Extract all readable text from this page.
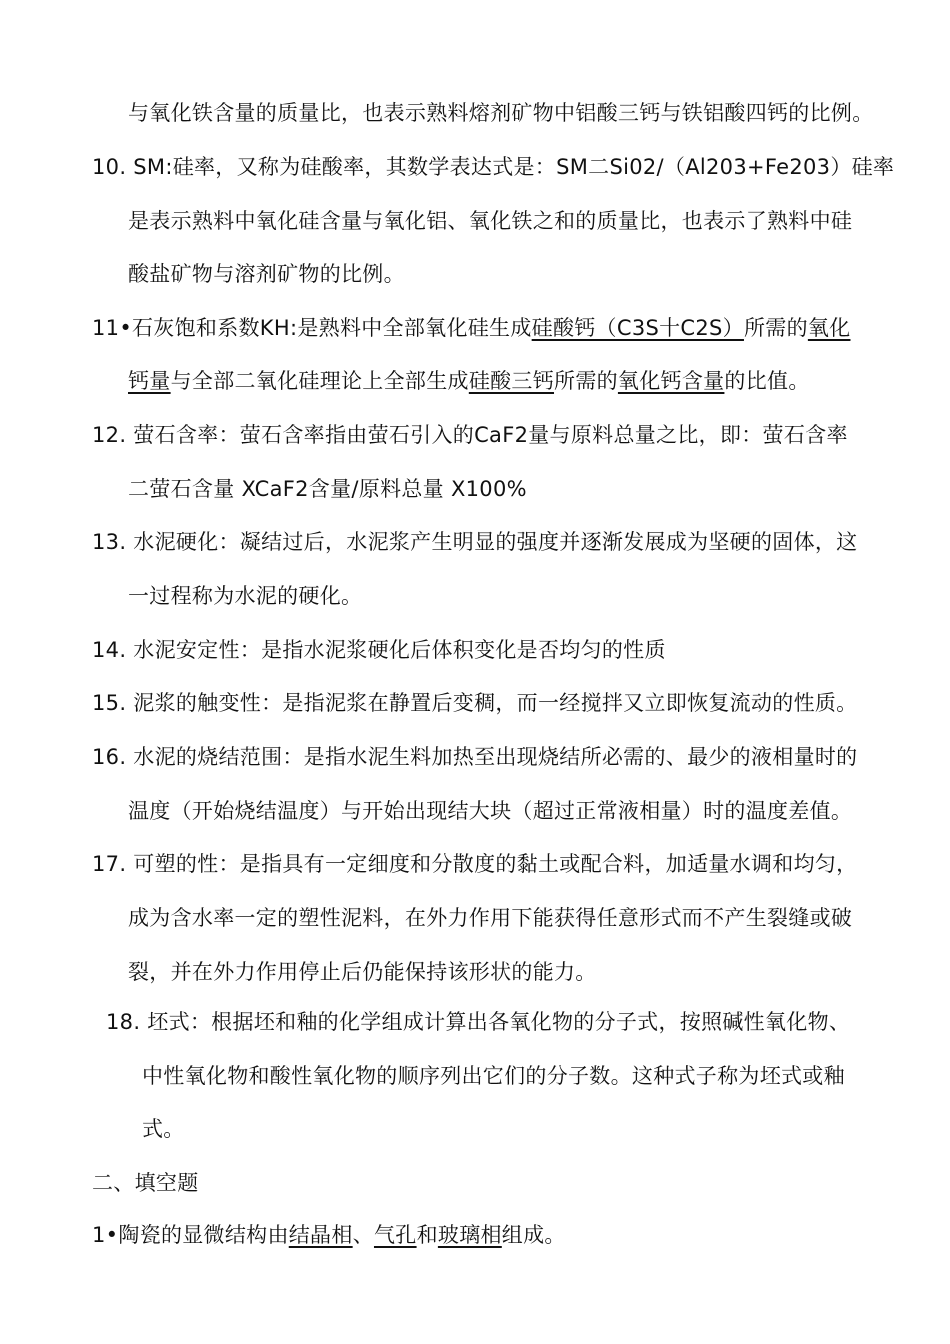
与氧化铁含量的质量比，也表示熟料熔剂矿物中铝酸三钙与铁铝酸四钙的比例。
10. SM:硅率，又称为硅酸率，其数学表达式是：SM二Si02/（Al203+Fe203）硅率
是表示熟料中氧化硅含量与氧化铝、氧化铁之和的质量比，也表示了熟料中硅
酸盐矿物与溶剂矿物的比例。
11•石灰饱和系数KH:是熟料中全部氧化硅生成硅酸钙（C3S十C2S）所需的氧化
钙量与全部二氧化硅理论上全部生成硅酸三钙所需的氧化钙含量的比值。
12. 萤石含率：萤石含率指由萤石引入的CaF2量与原料总量之比，即：萤石含率
二萤石含量 XCaF2含量/原料总量 X100%
13. 水泥硬化：凝结过后，水泥浆产生明显的强度并逐渐发展成为坚硬的固体，这
一过程称为水泥的硬化。
14. 水泥安定性：是指水泥浆硬化后体积变化是否均匀的性质
15. 泥浆的触变性：是指泥浆在静置后变稠，而一经搅拌又立即恢复流动的性质。
16. 水泥的烧结范围：是指水泥生料加热至出现烧结所必需的、最少的液相量时的
温度（开始烧结温度）与开始出现结大块（超过正常液相量）时的温度差值。
17. 可塑的性：是指具有一定细度和分散度的黏土或配合料，加适量水调和均匀，
成为含水率一定的塑性泥料，在外力作用下能获得任意形式而不产生裂缝或破
裂，并在外力作用停止后仍能保持该形状的能力。
18. 坯式：根据坯和釉的化学组成计算出各氧化物的分子式，按照碱性氧化物、
中性氧化物和酸性氧化物的顺序列出它们的分子数。这种式子称为坯式或釉
式。
二、填空题
1•陶瓷的显微结构由结晶相、气孔和玻璃相组成。
